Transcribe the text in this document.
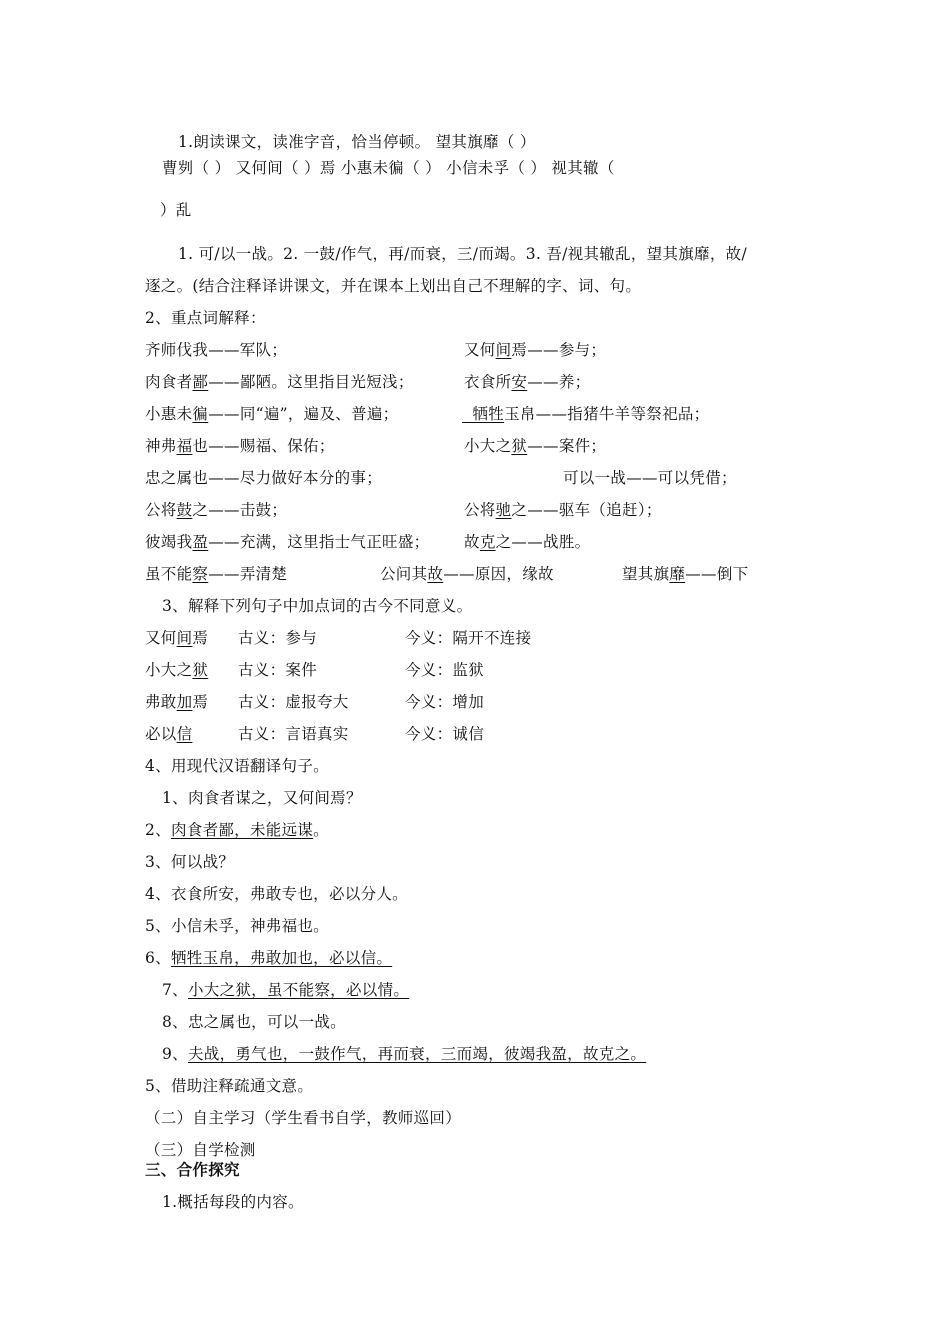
1.朗读课文，读准字音，恰当停顿。 望其旗靡（ ）
曹刿（ ） 又何间（ ）焉 小惠未徧（ ） 小信未孚（ ） 视其辙（
）乱
1. 可/以一战。2. 一鼓/作气，再/而衰，三/而竭。3. 吾/视其辙乱，望其旗靡，故/
逐之。(结合注释译讲课文，并在课本上划出自己不理解的字、词、句。
2、重点词解释：
齐师伐我——军队；	又何间焉——参与；
肉食者鄙——鄙陋。这里指目光短浅；	衣食所安——养；
小惠未徧——同“遍”，遍及、普遍；	牺牲玉帛——指猪牛羊等祭祀品；
神弗福也——赐福、保佑；	小大之狱——案件；
忠之属也——尽力做好本分的事；	可以一战——可以凭借；
公将鼓之——击鼓；	公将驰之——驱车（追赶）；
彼竭我盈——充满，这里指士气正旺盛； 故克之——战胜。
虽不能察——弄清楚	公问其故——原因，缘故	望其旗靡——倒下
3、解释下列句子中加点词的古今不同意义。
又何间焉 古义：参与	今义：隔开不连接
小大之狱 古义：案件	今义：监狱
弗敢加焉 古义：虚报夸大	今义：增加
必以信	古义：言语真实	今义：诚信
4、用现代汉语翻译句子。
1、肉食者谋之，又何间焉？
2、肉食者鄙，未能远谋。
3、何以战？
4、衣食所安，弗敢专也，必以分人。
5、小信未孚，神弗福也。
6、牺牲玉帛，弗敢加也，必以信。
7、小大之狱，虽不能察，必以情。
8、忠之属也，可以一战。
9、夫战，勇气也，一鼓作气，再而衰，三而竭，彼竭我盈，故克之。
5、借助注释疏通文意。
（二）自主学习（学生看书自学，教师巡回）
（三）自学检测
三、合作探究
1.概括每段的内容。
